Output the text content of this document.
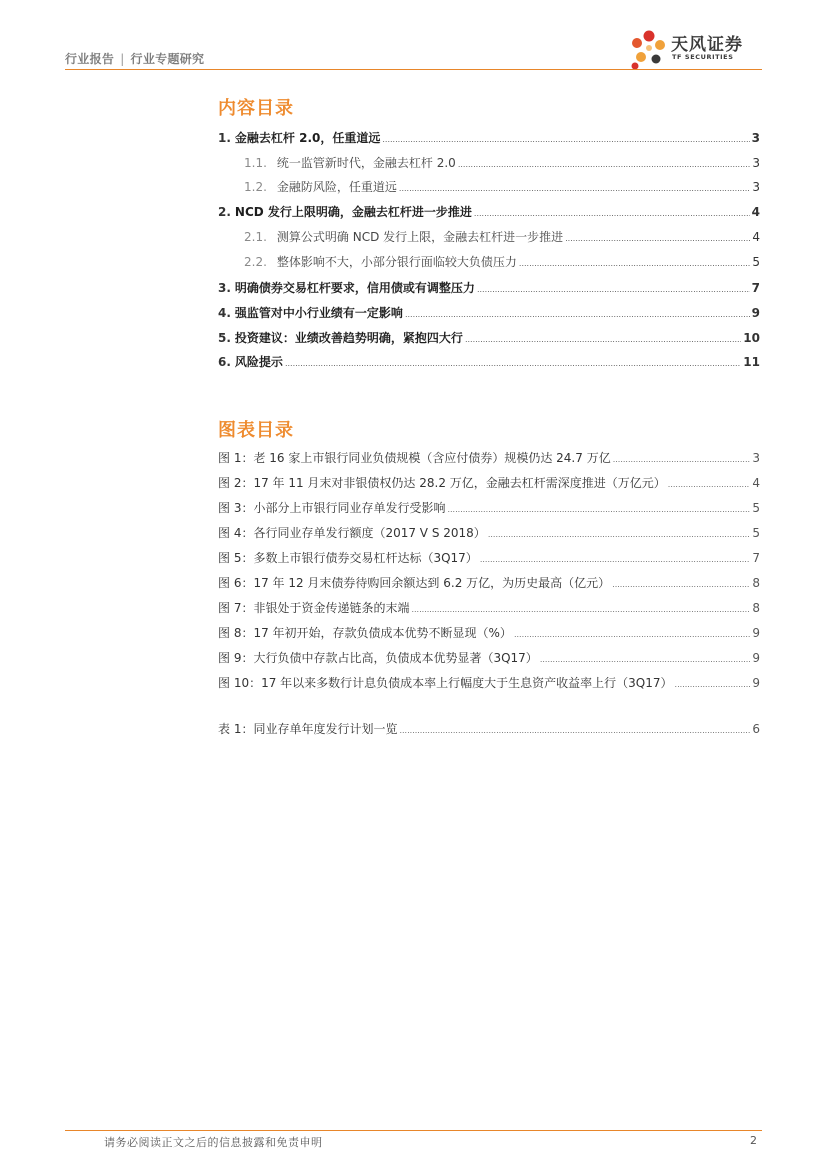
行业报告 | 行业专题研究
天风证券
TF SECURITIES
内容目录
1. 金融去杠杆 2.0，任重道远 .....	3
1.1. 统一监管新时代，金融去杠杆 2.0 .....	3
1.2. 金融防风险，任重道远 .....	3
2. NCD 发行上限明确，金融去杠杆进一步推进 .....	4
2.1. 测算公式明确 NCD 发行上限，金融去杠杆进一步推进 .....	4
2.2. 整体影响不大，小部分银行面临较大负债压力 .....	5
3. 明确债券交易杠杆要求，信用债或有调整压力 .....	7
4. 强监管对中小行业绩有一定影响 .....	9
5. 投资建议：业绩改善趋势明确，紧抱四大行 .....	10
6. 风险提示 .....	11
图表目录
图 1：老 16 家上市银行同业负债规模（含应付债券）规模仍达 24.7 万亿 .....	3
图 2：17 年 11 月末对非银债权仍达 28.2 万亿，金融去杠杆需深度推进（万亿元） .....	4
图 3：小部分上市银行同业存单发行受影响 .....	5
图 4：各行同业存单发行额度（2017 V S 2018） .....	5
图 5：多数上市银行债券交易杠杆达标（3Q17） .....	7
图 6：17 年 12 月末债券待购回余额达到 6.2 万亿，为历史最高（亿元） .....	8
图 7：非银处于资金传递链条的末端 .....	8
图 8：17 年初开始，存款负债成本优势不断显现（%） .....	9
图 9：大行负债中存款占比高，负债成本优势显著（3Q17） .....	9
图 10：17 年以来多数行计息负债成本率上行幅度大于生息资产收益率上行（3Q17） .....	9
表 1：同业存单年度发行计划一览 .....	6
请务必阅读正文之后的信息披露和免责申明	2
